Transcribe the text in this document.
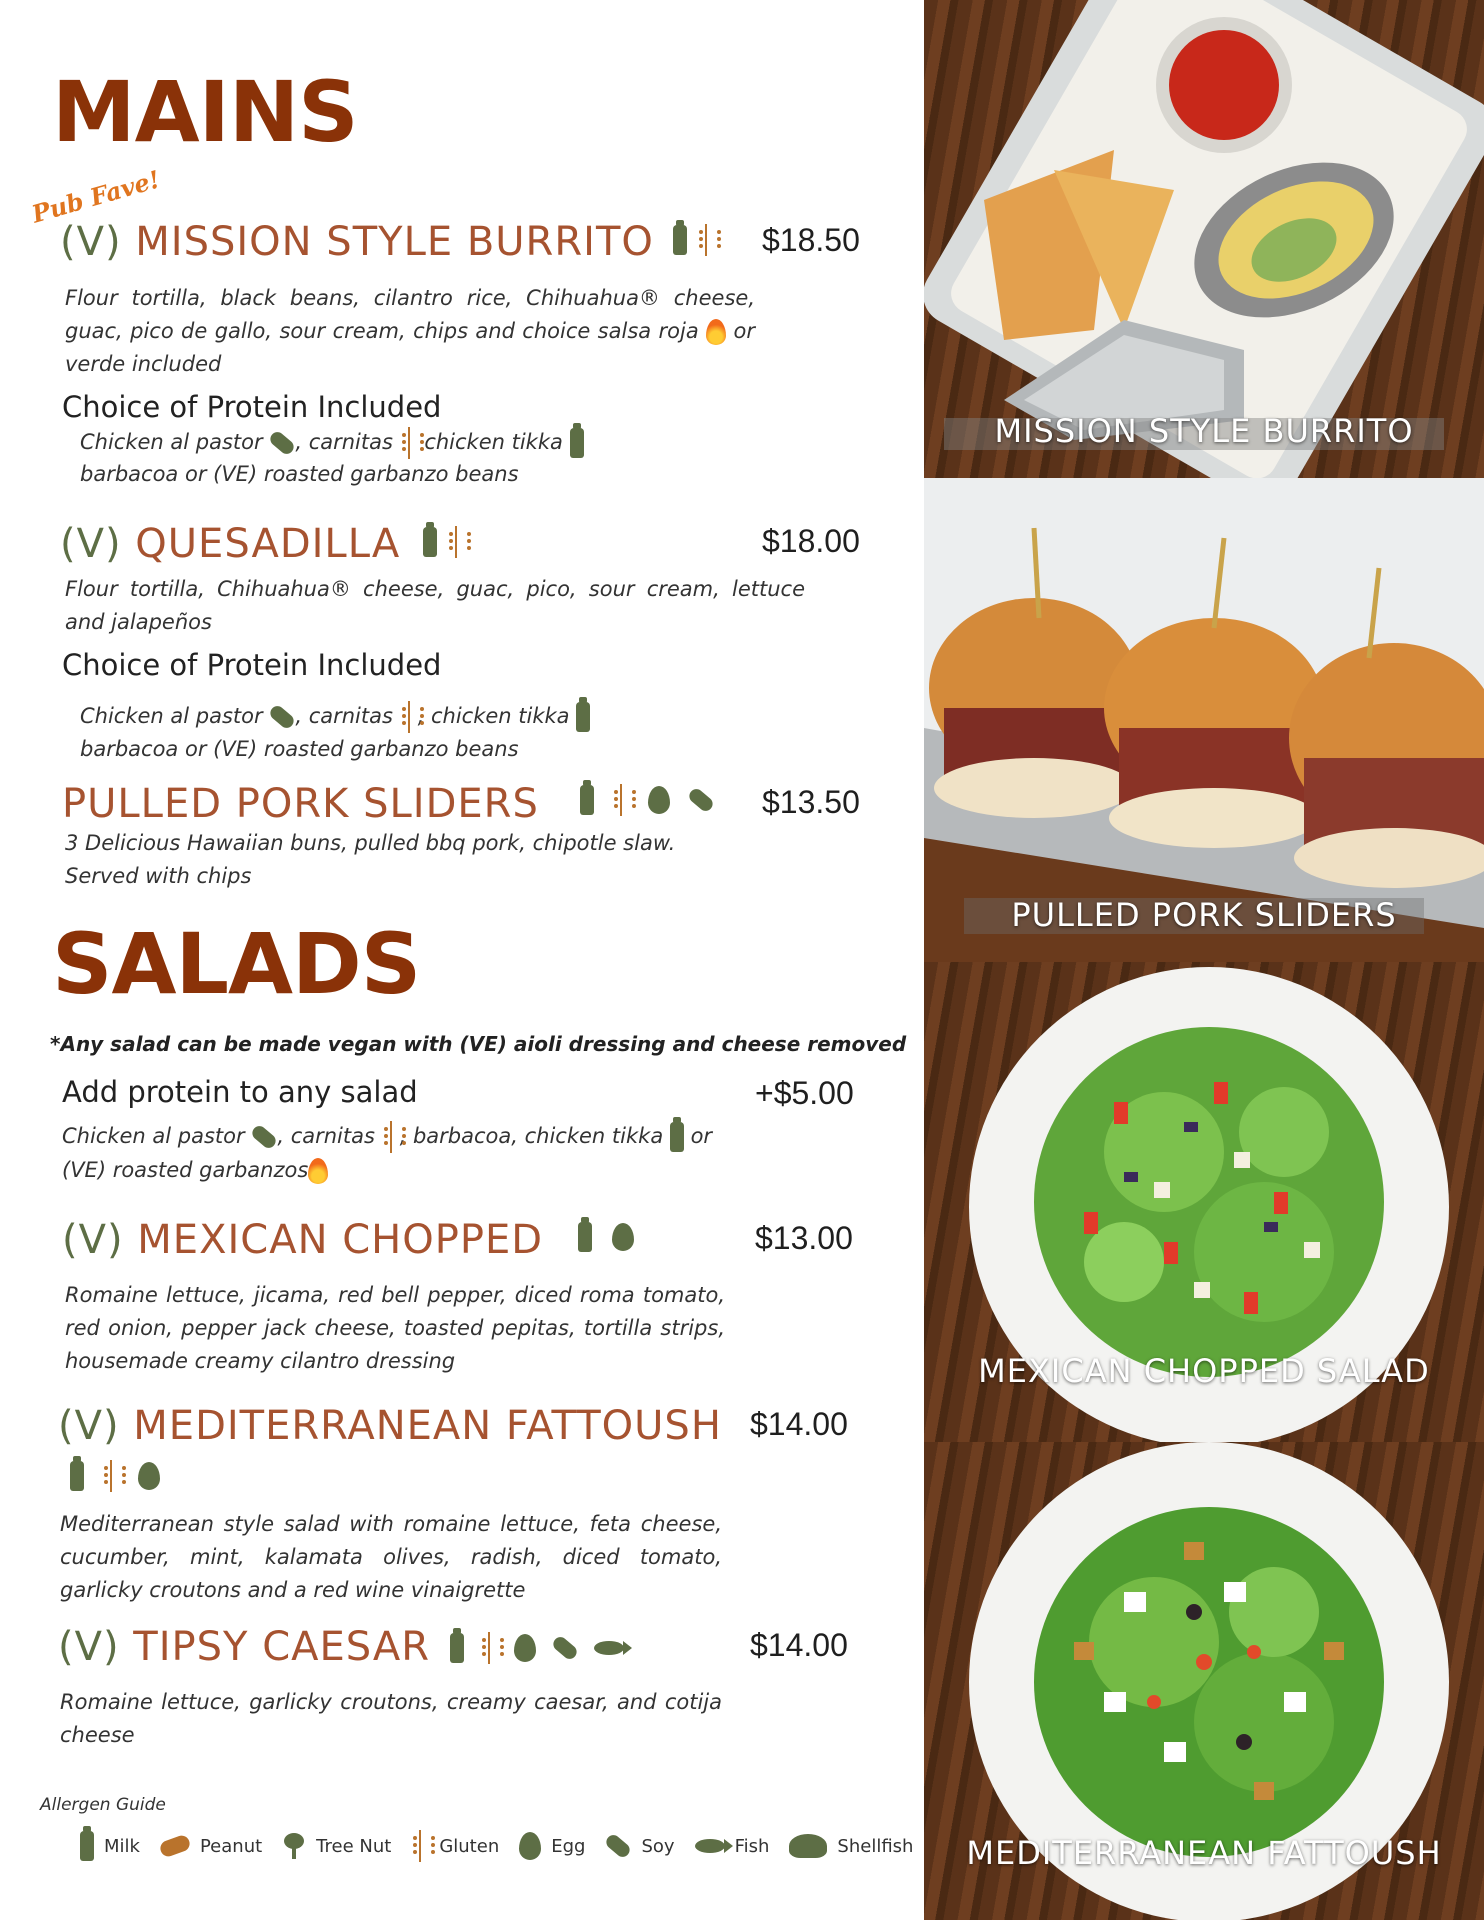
MAINS
Pub Fave!
(V) MISSION STYLE BURRITO	$18.50
Flour tortilla, black beans, cilantro rice, Chihuahua® cheese, guac, pico de gallo, sour cream, chips and choice salsa roja or verde included
Choice of Protein Included
Chicken al pastor , carnitas chicken tikka
barbacoa or (VE) roasted garbanzo beans
(V) QUESADILLA	$18.00
Flour tortilla, Chihuahua® cheese, guac, pico, sour cream, lettuce and jalapeños
Choice of Protein Included
Chicken al pastor , carnitas , chicken tikka
barbacoa or (VE) roasted garbanzo beans
PULLED PORK SLIDERS	$13.50
3 Delicious Hawaiian buns, pulled bbq pork, chipotle slaw.
Served with chips
SALADS
*Any salad can be made vegan with (VE) aioli dressing and cheese removed
Add protein to any salad	+$5.00
Chicken al pastor , carnitas , barbacoa, chicken tikka or
(VE) roasted garbanzos
(V) MEXICAN CHOPPED	$13.00
Romaine lettuce, jicama, red bell pepper, diced roma tomato, red onion, pepper jack cheese, toasted pepitas, tortilla strips, housemade creamy cilantro dressing
(V) MEDITERRANEAN FATTOUSH $14.00
Mediterranean style salad with romaine lettuce, feta cheese, cucumber, mint, kalamata olives, radish, diced tomato, garlicky croutons and a red wine vinaigrette
(V) TIPSY CAESAR	$14.00
Romaine lettuce, garlicky croutons, creamy caesar, and cotija cheese
Allergen Guide
Milk	Peanut	Tree Nut	Gluten	Egg	Soy	Fish	Shellfish
MISSION STYLE BURRITO
PULLED PORK SLIDERS
MEXICAN CHOPPED SALAD
MEDITERRANEAN FATTOUSH
